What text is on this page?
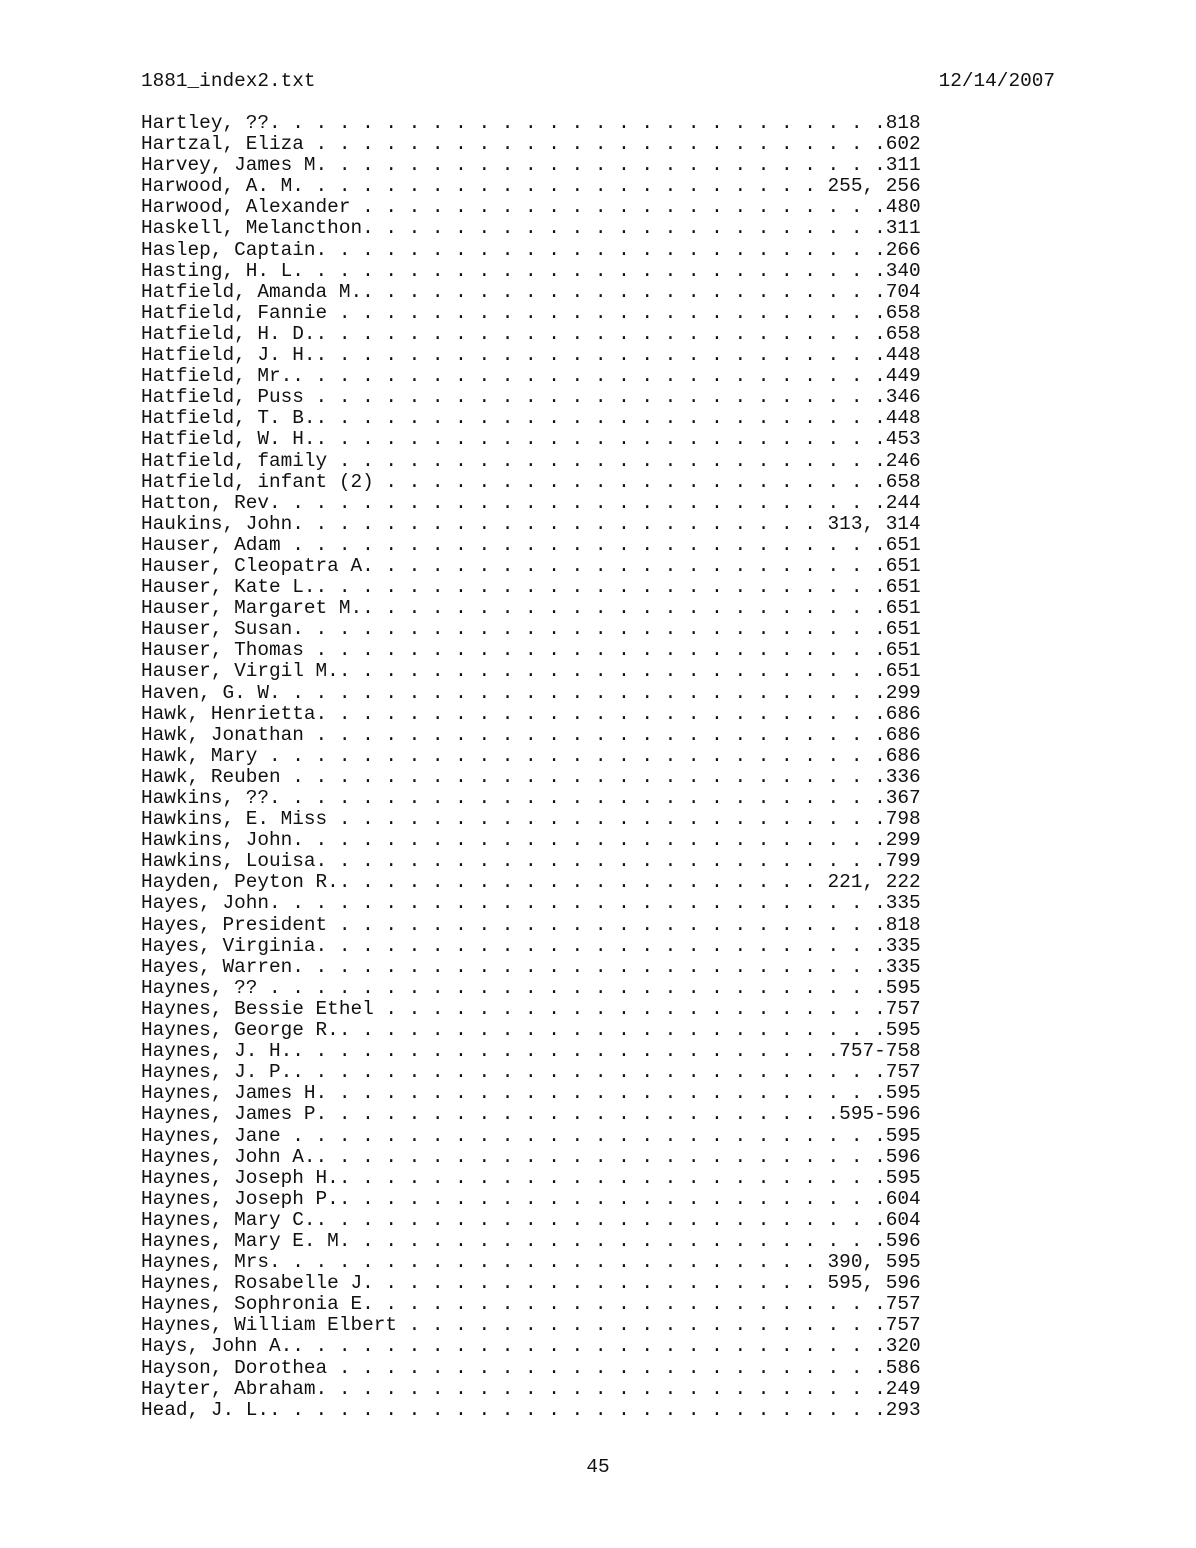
1881_index2.txt	12/14/2007
Hartley, ??. . . . . . . . . . . . . . . . . . . . . . . . . . .818
Hartzal, Eliza . . . . . . . . . . . . . . . . . . . . . . . . .602
Harvey, James M. . . . . . . . . . . . . . . . . . . . . . . . .311
Harwood, A. M. . . . . . . . . . . . . . . . . . . . . . . 255, 256
Harwood, Alexander . . . . . . . . . . . . . . . . . . . . . . .480
Haskell, Melancthon. . . . . . . . . . . . . . . . . . . . . . .311
Haslep, Captain. . . . . . . . . . . . . . . . . . . . . . . . .266
Hasting, H. L. . . . . . . . . . . . . . . . . . . . . . . . . .340
Hatfield, Amanda M.. . . . . . . . . . . . . . . . . . . . . . .704
Hatfield, Fannie . . . . . . . . . . . . . . . . . . . . . . . .658
Hatfield, H. D.. . . . . . . . . . . . . . . . . . . . . . . . .658
Hatfield, J. H.. . . . . . . . . . . . . . . . . . . . . . . . .448
Hatfield, Mr.. . . . . . . . . . . . . . . . . . . . . . . . . .449
Hatfield, Puss . . . . . . . . . . . . . . . . . . . . . . . . .346
Hatfield, T. B.. . . . . . . . . . . . . . . . . . . . . . . . .448
Hatfield, W. H.. . . . . . . . . . . . . . . . . . . . . . . . .453
Hatfield, family . . . . . . . . . . . . . . . . . . . . . . . .246
Hatfield, infant (2) . . . . . . . . . . . . . . . . . . . . . .658
Hatton, Rev. . . . . . . . . . . . . . . . . . . . . . . . . . .244
Haukins, John. . . . . . . . . . . . . . . . . . . . . . . 313, 314
Hauser, Adam . . . . . . . . . . . . . . . . . . . . . . . . . .651
Hauser, Cleopatra A. . . . . . . . . . . . . . . . . . . . . . .651
Hauser, Kate L.. . . . . . . . . . . . . . . . . . . . . . . . .651
Hauser, Margaret M.. . . . . . . . . . . . . . . . . . . . . . .651
Hauser, Susan. . . . . . . . . . . . . . . . . . . . . . . . . .651
Hauser, Thomas . . . . . . . . . . . . . . . . . . . . . . . . .651
Hauser, Virgil M.. . . . . . . . . . . . . . . . . . . . . . . .651
Haven, G. W. . . . . . . . . . . . . . . . . . . . . . . . . . .299
Hawk, Henrietta. . . . . . . . . . . . . . . . . . . . . . . . .686
Hawk, Jonathan . . . . . . . . . . . . . . . . . . . . . . . . .686
Hawk, Mary . . . . . . . . . . . . . . . . . . . . . . . . . . .686
Hawk, Reuben . . . . . . . . . . . . . . . . . . . . . . . . . .336
Hawkins, ??. . . . . . . . . . . . . . . . . . . . . . . . . . .367
Hawkins, E. Miss . . . . . . . . . . . . . . . . . . . . . . . .798
Hawkins, John. . . . . . . . . . . . . . . . . . . . . . . . . .299
Hawkins, Louisa. . . . . . . . . . . . . . . . . . . . . . . . .799
Hayden, Peyton R.. . . . . . . . . . . . . . . . . . . . . 221, 222
Hayes, John. . . . . . . . . . . . . . . . . . . . . . . . . . .335
Hayes, President . . . . . . . . . . . . . . . . . . . . . . . .818
Hayes, Virginia. . . . . . . . . . . . . . . . . . . . . . . . .335
Hayes, Warren. . . . . . . . . . . . . . . . . . . . . . . . . .335
Haynes, ?? . . . . . . . . . . . . . . . . . . . . . . . . . . .595
Haynes, Bessie Ethel . . . . . . . . . . . . . . . . . . . . . .757
Haynes, George R.. . . . . . . . . . . . . . . . . . . . . . . .595
Haynes, J. H.. . . . . . . . . . . . . . . . . . . . . . . .757-758
Haynes, J. P.. . . . . . . . . . . . . . . . . . . . . . . . . .757
Haynes, James H. . . . . . . . . . . . . . . . . . . . . . . . .595
Haynes, James P. . . . . . . . . . . . . . . . . . . . . . .595-596
Haynes, Jane . . . . . . . . . . . . . . . . . . . . . . . . . .595
Haynes, John A.. . . . . . . . . . . . . . . . . . . . . . . . .596
Haynes, Joseph H.. . . . . . . . . . . . . . . . . . . . . . . .595
Haynes, Joseph P.. . . . . . . . . . . . . . . . . . . . . . . .604
Haynes, Mary C.. . . . . . . . . . . . . . . . . . . . . . . . .604
Haynes, Mary E. M. . . . . . . . . . . . . . . . . . . . . . . .596
Haynes, Mrs. . . . . . . . . . . . . . . . . . . . . . . . 390, 595
Haynes, Rosabelle J. . . . . . . . . . . . . . . . . . . . 595, 596
Haynes, Sophronia E. . . . . . . . . . . . . . . . . . . . . . .757
Haynes, William Elbert . . . . . . . . . . . . . . . . . . . . .757
Hays, John A.. . . . . . . . . . . . . . . . . . . . . . . . . .320
Hayson, Dorothea . . . . . . . . . . . . . . . . . . . . . . . .586
Hayter, Abraham. . . . . . . . . . . . . . . . . . . . . . . . .249
Head, J. L.. . . . . . . . . . . . . . . . . . . . . . . . . . .293
45
